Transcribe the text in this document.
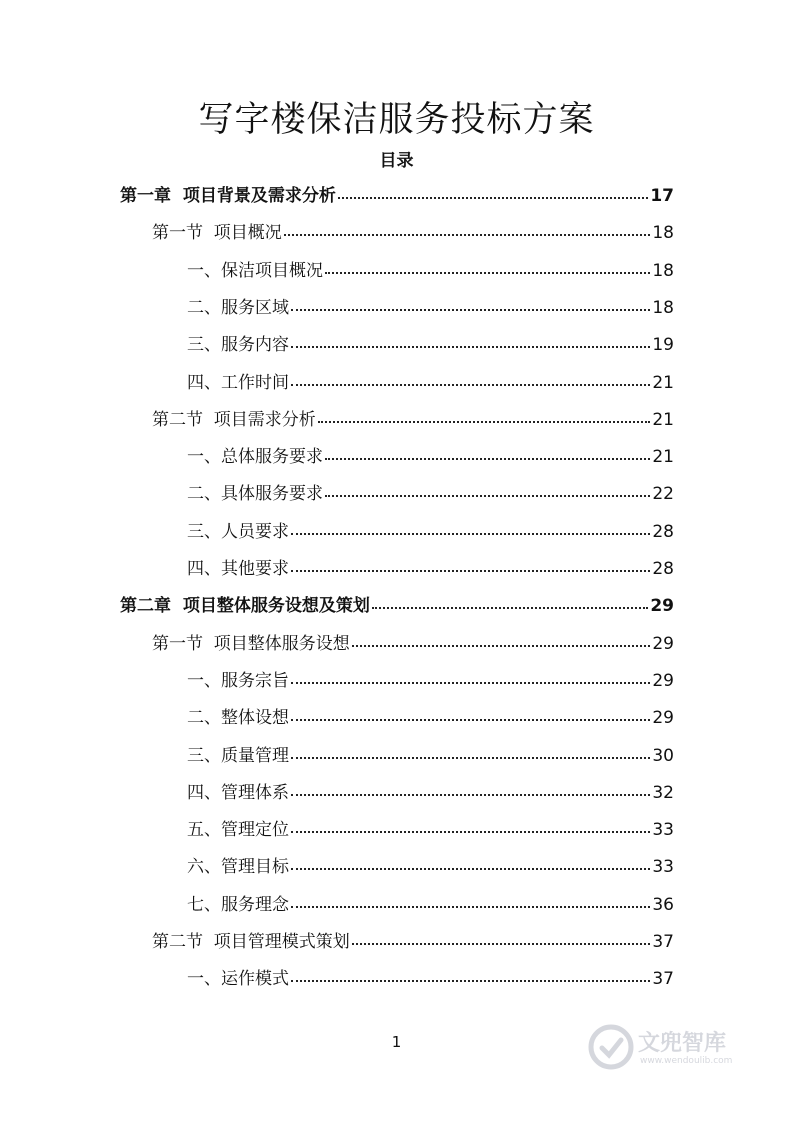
写字楼保洁服务投标方案
目录
第一章  项目背景及需求分析	17
第一节  项目概况	18
一、保洁项目概况	18
二、服务区域	18
三、服务内容	19
四、工作时间	21
第二节  项目需求分析	21
一、总体服务要求	21
二、具体服务要求	22
三、人员要求	28
四、其他要求	28
第二章  项目整体服务设想及策划	29
第一节  项目整体服务设想	29
一、服务宗旨	29
二、整体设想	29
三、质量管理	30
四、管理体系	32
五、管理定位	33
六、管理目标	33
七、服务理念	36
第二节  项目管理模式策划	37
一、运作模式	37
1	文兜智库
www.wendoulib.com
